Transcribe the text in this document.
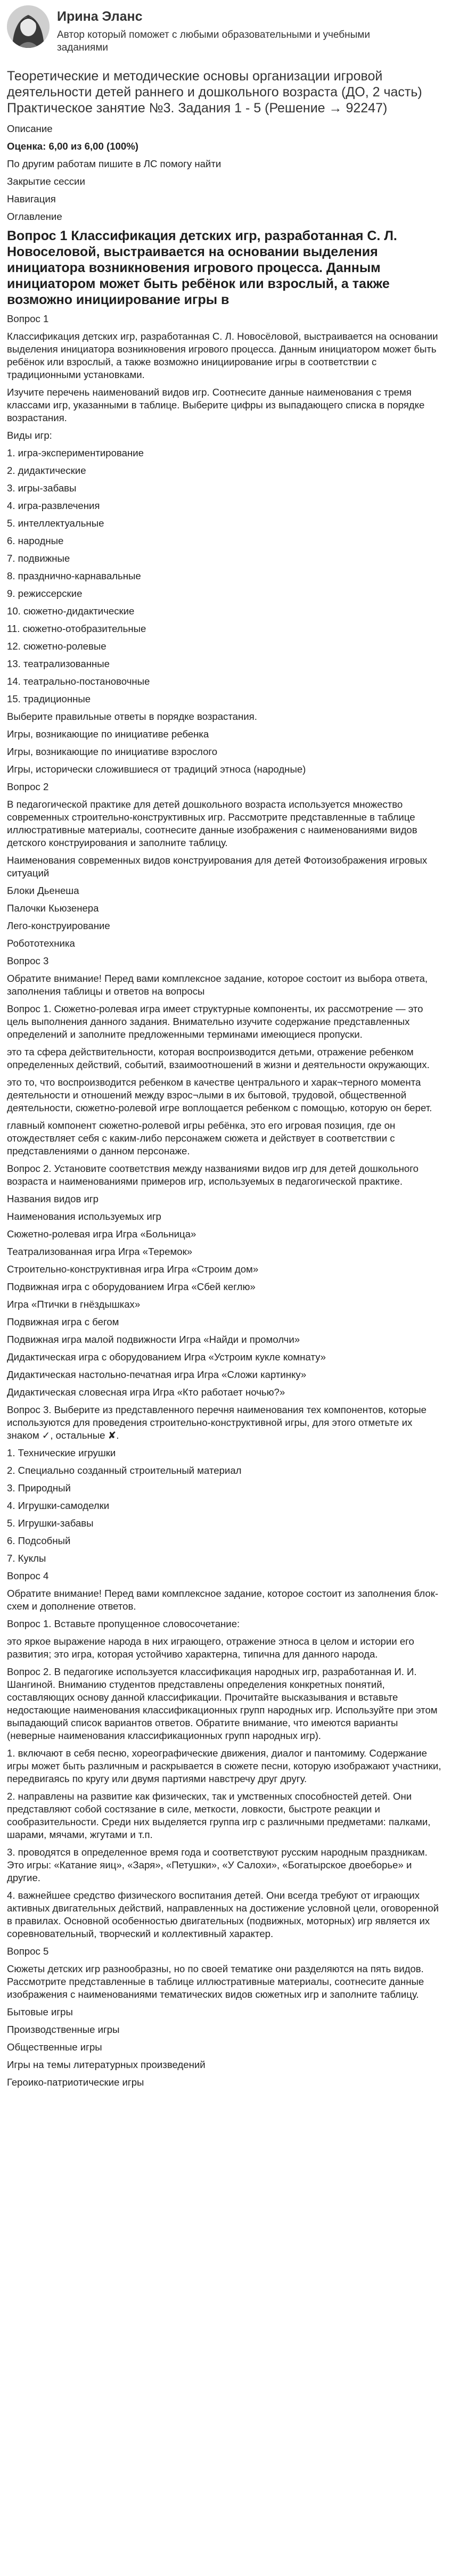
Ирина Эланс
Автор который поможет с любыми образовательными и учебными заданиями
Теоретические и методические основы организации игровой деятельности детей раннего и дошкольного возраста (ДО, 2 часть) Практическое занятие №3. Задания 1 - 5 (Решение → 92247)
Описание
Оценка: 6,00 из 6,00 (100%)
По другим работам пишите в ЛС помогу найти
Закрытие сессии
Навигация
Оглавление
Вопрос 1 Классификация детских игр, разработанная С. Л. Новоселовой, выстраивается на основании выделения инициатора возникновения игрового процесса. Данным инициатором может быть ребёнок или взрослый, а также возможно инициирование игры в
Вопрос 1
Классификация детских игр, разработанная С. Л. Новосёловой, выстраивается на основании выделения инициатора возникновения игрового процесса. Данным инициатором может быть ребёнок или взрослый, а также возможно инициирование игры в соответствии с традиционными установками.
Изучите перечень наименований видов игр. Соотнесите данные наименования с тремя классами игр, указанными в таблице. Выберите цифры из выпадающего списка в порядке возрастания.
Виды игр:
1. игра-экспериментирование
2. дидактические
3. игры-забавы
4. игра-развлечения
5. интеллектуальные
6. народные
7. подвижные
8. празднично-карнавальные
9. режиссерские
10. сюжетно-дидактические
11. сюжетно-отобразительные
12. сюжетно-ролевые
13. театрализованные
14. театрально-постановочные
15. традиционные
Выберите правильные ответы в порядке возрастания.
Игры, возникающие по инициативе ребенка
Игры, возникающие по инициативе взрослого
Игры, исторически сложившиеся от традиций этноса (народные)
Вопрос 2
В педагогической практике для детей дошкольного возраста используется множество современных строительно-конструктивных игр. Рассмотрите представленные в таблице иллюстративные материалы, соотнесите данные изображения с наименованиями видов детского конструирования и заполните таблицу.
Наименования современных видов конструирования для детей Фотоизображения игровых ситуаций
Блоки Дьенеша
Палочки Кьюзенера
Лего-конструирование
Робототехника
Вопрос 3
Обратите внимание! Перед вами комплексное задание, которое состоит из выбора ответа, заполнения таблицы и ответов на вопросы
Вопрос 1. Сюжетно-ролевая игра имеет структурные компоненты, их рассмотрение — это цель выполнения данного задания. Внимательно изучите содержание представленных определений и заполните предложенными терминами имеющиеся пропуски.
это та сфера действительности, которая воспроизводится детьми, отражение ребенком определенных действий, событий, взаимоотношений в жизни и деятельности окружающих.
это то, что воспроизводится ребенком в качестве центрального и харак¬терного момента деятельности и отношений между взрос¬лыми в их бытовой, трудовой, общественной деятельности, сюжетно-ролевой игре воплощается ребенком с помощью, которую он берет.
главный компонент сюжетно-ролевой игры ребёнка, это его игровая позиция, где он отождествляет себя с каким-либо персонажем сюжета и действует в соответствии с представлениями о данном персонаже.
Вопрос 2. Установите соответствия между названиями видов игр для детей дошкольного возраста и наименованиями примеров игр, используемых в педагогической практике.
Названия видов игр
Наименования используемых игр
Сюжетно-ролевая игра Игра «Больница»
Театрализованная игра Игра «Теремок»
Строительно-конструктивная игра Игра «Строим дом»
Подвижная игра с оборудованием Игра «Сбей кеглю»
Игра «Птички в гнёздышках»
Подвижная игра с бегом
Подвижная игра малой подвижности Игра «Найди и промолчи»
Дидактическая игра с оборудованием Игра «Устроим кукле комнату»
Дидактическая настольно-печатная игра Игра «Сложи картинку»
Дидактическая словесная игра Игра «Кто работает ночью?»
Вопрос 3. Выберите из представленного перечня наименования тех компонентов, которые используются для проведения строительно-конструктивной игры, для этого отметьте их знаком ✓, остальные ✘.
1. Технические игрушки
2. Специально созданный строительный материал
3. Природный
4. Игрушки-самоделки
5. Игрушки-забавы
6. Подсобный
7. Куклы
Вопрос 4
Обратите внимание! Перед вами комплексное задание, которое состоит из заполнения блок-схем и дополнение ответов.
Вопрос 1. Вставьте пропущенное словосочетание:
это яркое выражение народа в них играющего, отражение этноса в целом и истории его развития; это игра, которая устойчиво характерна, типична для данного народа.
Вопрос 2. В педагогике используется классификация народных игр, разработанная И. И. Шангиной. Вниманию студентов представлены определения конкретных понятий, составляющих основу данной классификации. Прочитайте высказывания и вставьте недостающие наименования классификационных групп народных игр. Используйте при этом выпадающий список вариантов ответов. Обратите внимание, что имеются варианты (неверные наименования классификационных групп народных игр).
1. включают в себя песню, хореографические движения, диалог и пантомиму. Содержание игры может быть различным и раскрывается в сюжете песни, которую изображают участники, передвигаясь по кругу или двумя партиями навстречу друг другу.
2. направлены на развитие как физических, так и умственных способностей детей. Они представляют собой состязание в силе, меткости, ловкости, быстроте реакции и сообразительности. Среди них выделяется группа игр с различными предметами: палками, шарами, мячами, жгутами и т.п.
3. проводятся в определенное время года и соответствуют русским народным праздникам. Это игры: «Катание яиц», «Заря», «Петушки», «У Салохи», «Богатырское двоеборье» и другие.
4. важнейшее средство физического воспитания детей. Они всегда требуют от играющих активных двигательных действий, направленных на достижение условной цели, оговоренной в правилах. Основной особенностью двигательных (подвижных, моторных) игр является их соревновательный, творческий и коллективный характер.
Вопрос 5
Сюжеты детских игр разнообразны, но по своей тематике они разделяются на пять видов. Рассмотрите представленные в таблице иллюстративные материалы, соотнесите данные изображения с наименованиями тематических видов сюжетных игр и заполните таблицу.
Бытовые игры
Производственные игры
Общественные игры
Игры на темы литературных произведений
Героико-патриотические игры
